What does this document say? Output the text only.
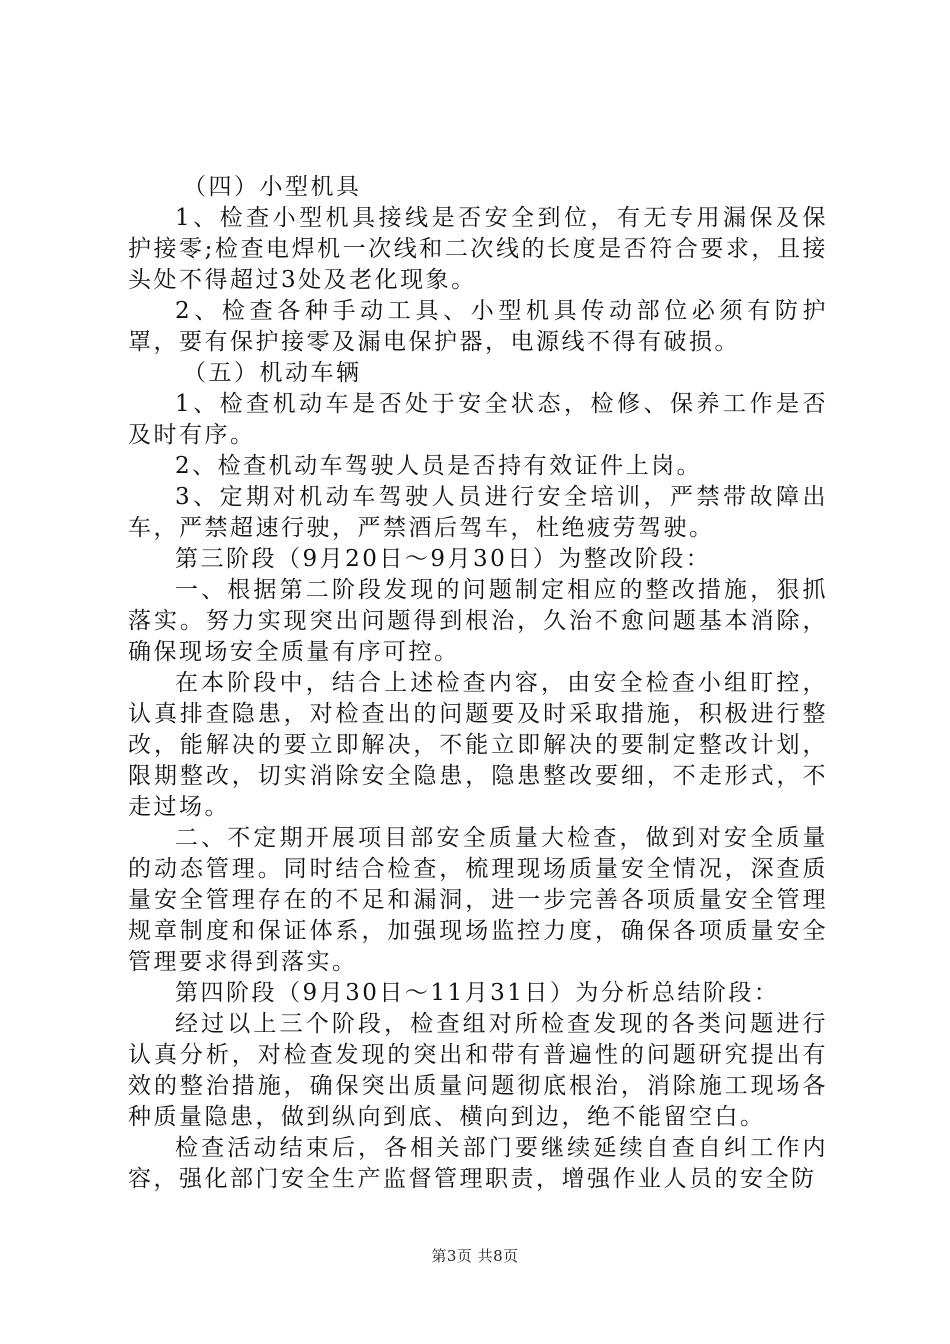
（四）小型机具

1、检查小型机具接线是否安全到位，有无专用漏保及保护接零;检查电焊机一次线和二次线的长度是否符合要求，且接头处不得超过3处及老化现象。

2、检查各种手动工具、小型机具传动部位必须有防护罩，要有保护接零及漏电保护器，电源线不得有破损。

（五）机动车辆

1、检查机动车是否处于安全状态，检修、保养工作是否及时有序。

2、检查机动车驾驶人员是否持有效证件上岗。

3、定期对机动车驾驶人员进行安全培训，严禁带故障出车，严禁超速行驶，严禁酒后驾车，杜绝疲劳驾驶。

第三阶段（9月20日～9月30日）为整改阶段：

一、根据第二阶段发现的问题制定相应的整改措施，狠抓落实。努力实现突出问题得到根治，久治不愈问题基本消除，确保现场安全质量有序可控。

在本阶段中，结合上述检查内容，由安全检查小组盯控，认真排查隐患，对检查出的问题要及时采取措施，积极进行整改，能解决的要立即解决，不能立即解决的要制定整改计划，限期整改，切实消除安全隐患，隐患整改要细，不走形式，不走过场。

二、不定期开展项目部安全质量大检查，做到对安全质量的动态管理。同时结合检查，梳理现场质量安全情况，深查质量安全管理存在的不足和漏洞，进一步完善各项质量安全管理规章制度和保证体系，加强现场监控力度，确保各项质量安全管理要求得到落实。

第四阶段（9月30日～11月31日）为分析总结阶段：

经过以上三个阶段，检查组对所检查发现的各类问题进行认真分析，对检查发现的突出和带有普遍性的问题研究提出有效的整治措施，确保突出质量问题彻底根治，消除施工现场各种质量隐患，做到纵向到底、横向到边，绝不能留空白。

检查活动结束后，各相关部门要继续延续自查自纠工作内容，强化部门安全生产监督管理职责，增强作业人员的安全防

第3页 共8页
